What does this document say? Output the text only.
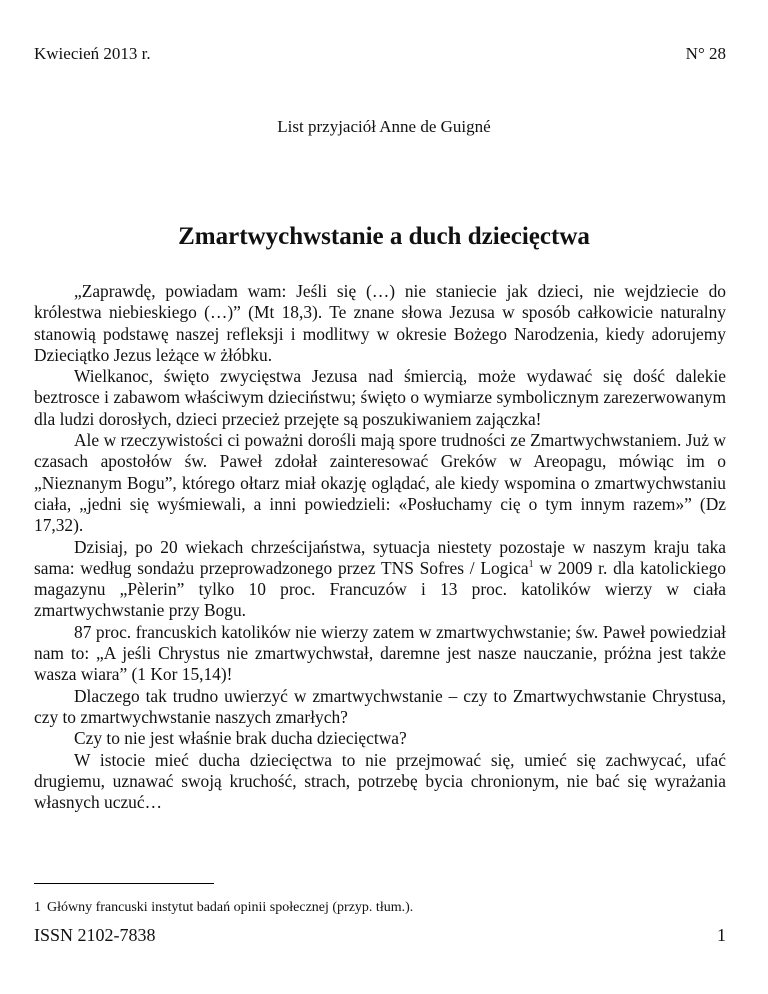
Kwiecień 2013 r.	N° 28
List przyjaciół Anne de Guigné
Zmartwychwstanie a duch dziecięctwa

„Zaprawdę, powiadam wam: Jeśli się (…) nie staniecie jak dzieci, nie wejdziecie do królestwa niebieskiego (…)” (Mt 18,3). Te znane słowa Jezusa w sposób całkowicie naturalny stanowią podstawę naszej refleksji i modlitwy w okresie Bożego Narodzenia, kiedy adorujemy Dzieciątko Jezus leżące w żłóbku.

Wielkanoc, święto zwycięstwa Jezusa nad śmiercią, może wydawać się dość dalekie beztrosce i zabawom właściwym dzieciństwu; święto o wymiarze symbolicznym zarezerwowanym dla ludzi dorosłych, dzieci przecież przejęte są poszukiwaniem zajączka!

Ale w rzeczywistości ci poważni dorośli mają spore trudności ze Zmartwychwstaniem. Już w czasach apostołów św. Paweł zdołał zainteresować Greków w Areopagu, mówiąc im o „Nieznanym Bogu”, którego ołtarz miał okazję oglądać, ale kiedy wspomina o zmartwychwstaniu ciała, „jedni się wyśmiewali, a inni powiedzieli: «Posłuchamy cię o tym innym razem»” (Dz 17,32).

Dzisiaj, po 20 wiekach chrześcijaństwa, sytuacja niestety pozostaje w naszym kraju taka sama: według sondażu przeprowadzonego przez TNS Sofres / Logica$^1$ w 2009 r. dla katolickiego magazynu „Pèlerin” tylko 10 proc. Francuzów i 13 proc. katolików wierzy w ciała zmartwychwstanie przy Bogu.

87 proc. francuskich katolików nie wierzy zatem w zmartwychwstanie; św. Paweł powiedział nam to: „A jeśli Chrystus nie zmartwychwstał, daremne jest nasze nauczanie, próżna jest także wasza wiara” (1 Kor 15,14)!

Dlaczego tak trudno uwierzyć w zmartwychwstanie – czy to Zmartwychwstanie Chrystusa, czy to zmartwychwstanie naszych zmarłych?

Czy to nie jest właśnie brak ducha dziecięctwa?

W istocie mieć ducha dziecięctwa to nie przejmować się, umieć się zachwycać, ufać drugiemu, uznawać swoją kruchość, strach, potrzebę bycia chronionym, nie bać się wyrażania własnych uczuć…

1 Główny francuski instytut badań opinii społecznej (przyp. tłum.).
ISSN 2102-7838	1
